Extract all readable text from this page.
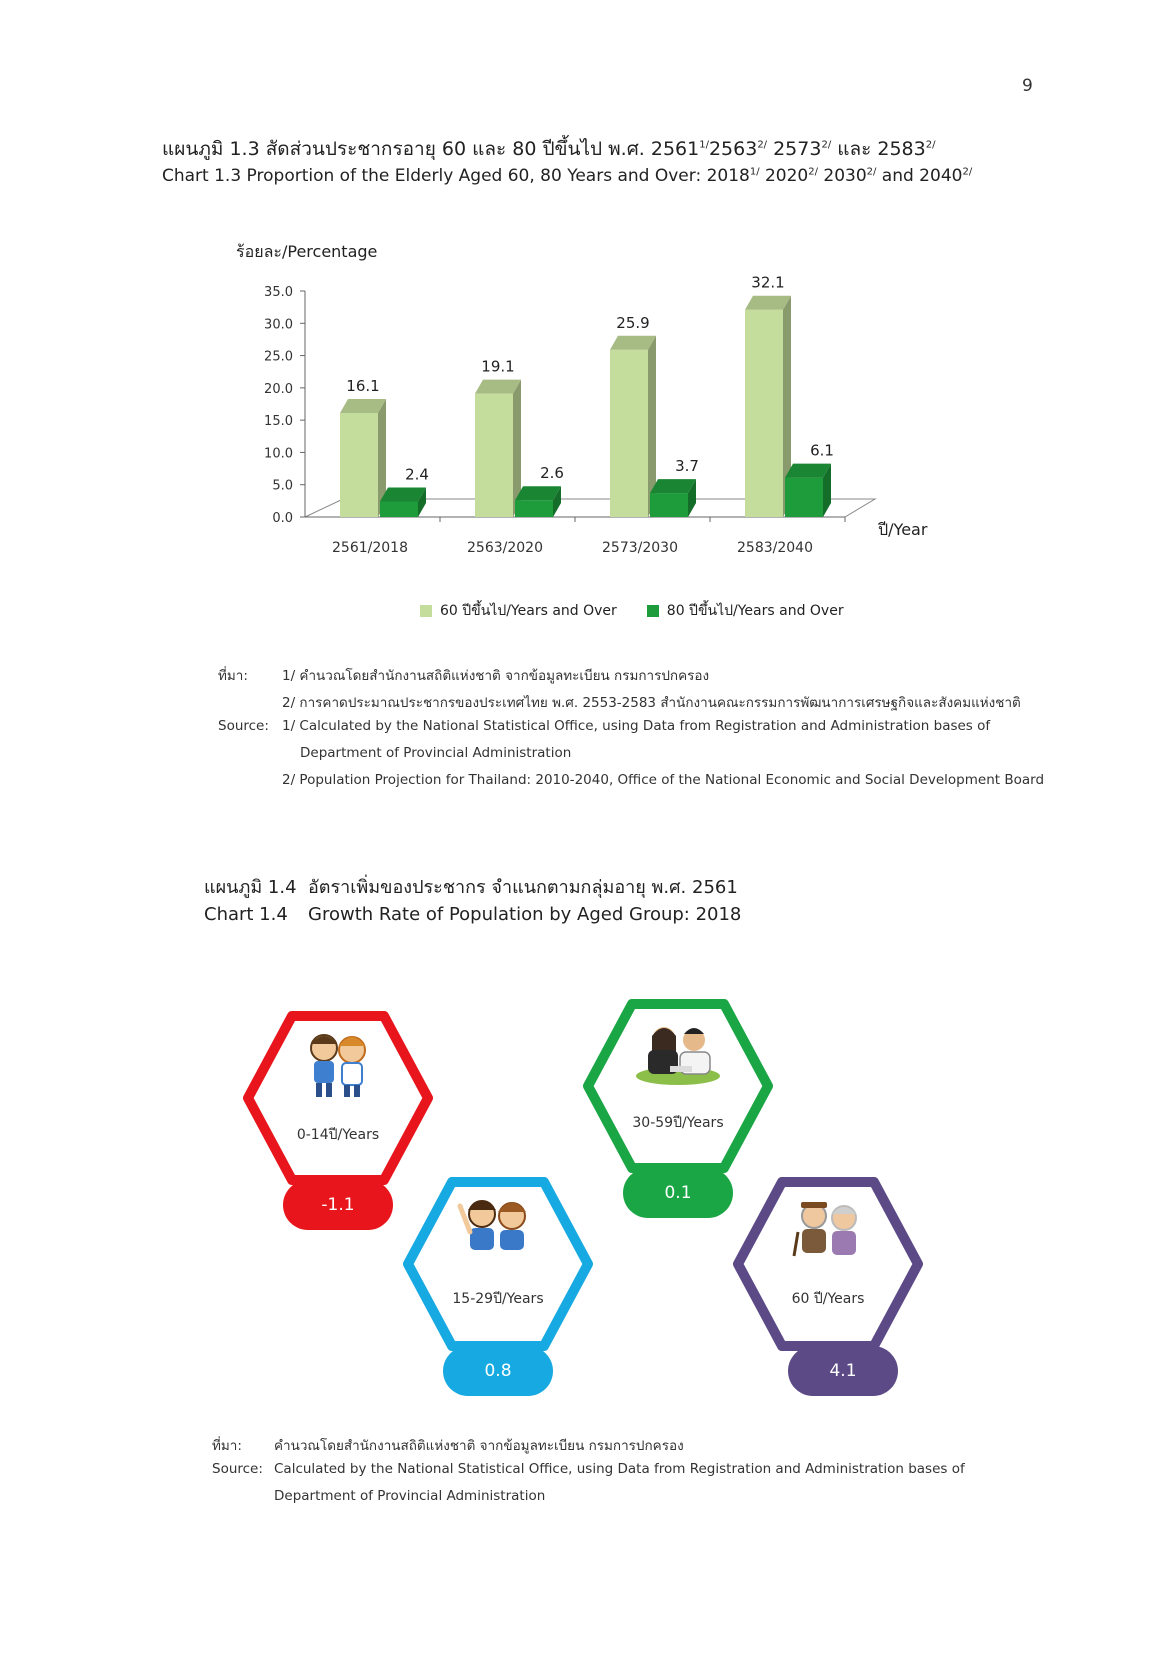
9
แผนภูมิ 1.3 สัดส่วนประชากรอายุ 60 และ 80 ปีขึ้นไป พ.ศ. $2561^{1/}2563^{2/}$ $2573^{2/}$ และ $2583^{2/}$
Chart 1.3 Proportion of the Elderly Aged 60, 80 Years and Over: $2018^{1/}$ $2020^{2/}$ $2030^{2/}$ and $2040^{2/}$
ร้อยละ/Percentage
0.0
5.0
10.0
15.0
20.0
25.0
30.0
35.0
2561/2018
16.1
2.4
2563/2020
19.1
2.6
2573/2030
25.9
3.7
2583/2040
32.1
6.1
ปี/Year
60 ปีขึ้นไป/Years and Over	80 ปีขึ้นไป/Years and Over
ที่มา:	1/ คำนวณโดยสำนักงานสถิติแห่งชาติ จากข้อมูลทะเบียน กรมการปกครอง
2/ การคาดประมาณประชากรของประเทศไทย พ.ศ. 2553-2583 สำนักงานคณะกรรมการพัฒนาการเศรษฐกิจและสังคมแห่งชาติ
Source: 1/ Calculated by the National Statistical Office, using Data from Registration and Administration bases of
Department of Provincial Administration
2/ Population Projection for Thailand: 2010-2040, Office of the National Economic and Social Development Board
แผนภูมิ 1.4 อัตราเพิ่มของประชากร จำแนกตามกลุ่มอายุ พ.ศ. 2561
Chart 1.4 Growth Rate of Population by Aged Group: 2018
0-14ปี/Years
30-59ปี/Years
15-29ปี/Years	60 ปี/Years
-1.1
0.1
0.8	4.1
ที่มา: คำนวณโดยสำนักงานสถิติแห่งชาติ จากข้อมูลทะเบียน กรมการปกครอง
Source: Calculated by the National Statistical Office, using Data from Registration and Administration bases of
Department of Provincial Administration
